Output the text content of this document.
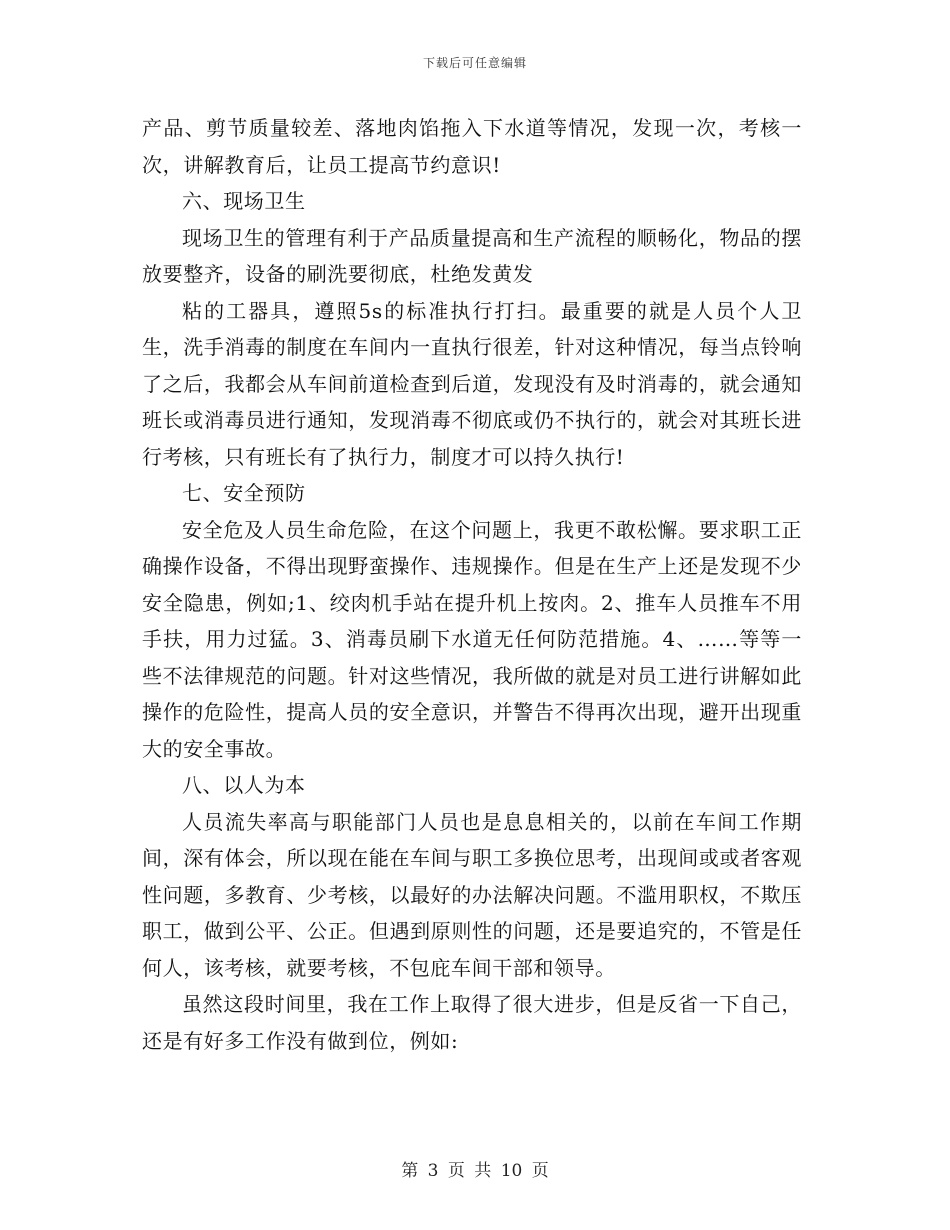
下载后可任意编辑

产品、剪节质量较差、落地肉馅拖入下水道等情况，发现一次，考核一次，讲解教育后，让员工提高节约意识!

六、现场卫生

现场卫生的管理有利于产品质量提高和生产流程的顺畅化，物品的摆放要整齐，设备的刷洗要彻底，杜绝发黄发

粘的工器具，遵照5s的标准执行打扫。最重要的就是人员个人卫生，洗手消毒的制度在车间内一直执行很差，针对这种情况，每当点铃响了之后，我都会从车间前道检查到后道，发现没有及时消毒的，就会通知班长或消毒员进行通知，发现消毒不彻底或仍不执行的，就会对其班长进行考核，只有班长有了执行力，制度才可以持久执行!

七、安全预防

安全危及人员生命危险，在这个问题上，我更不敢松懈。要求职工正确操作设备，不得出现野蛮操作、违规操作。但是在生产上还是发现不少安全隐患，例如;1、绞肉机手站在提升机上按肉。2、推车人员推车不用手扶，用力过猛。3、消毒员刷下水道无任何防范措施。4、……等等一些不法律规范的问题。针对这些情况，我所做的就是对员工进行讲解如此操作的危险性，提高人员的安全意识，并警告不得再次出现，避开出现重大的安全事故。

八、以人为本

人员流失率高与职能部门人员也是息息相关的，以前在车间工作期间，深有体会，所以现在能在车间与职工多换位思考，出现间或或者客观性问题，多教育、少考核，以最好的办法解决问题。不滥用职权，不欺压职工，做到公平、公正。但遇到原则性的问题，还是要追究的，不管是任何人，该考核，就要考核，不包庇车间干部和领导。

虽然这段时间里，我在工作上取得了很大进步，但是反省一下自己，还是有好多工作没有做到位，例如:

第 3 页 共 10 页
